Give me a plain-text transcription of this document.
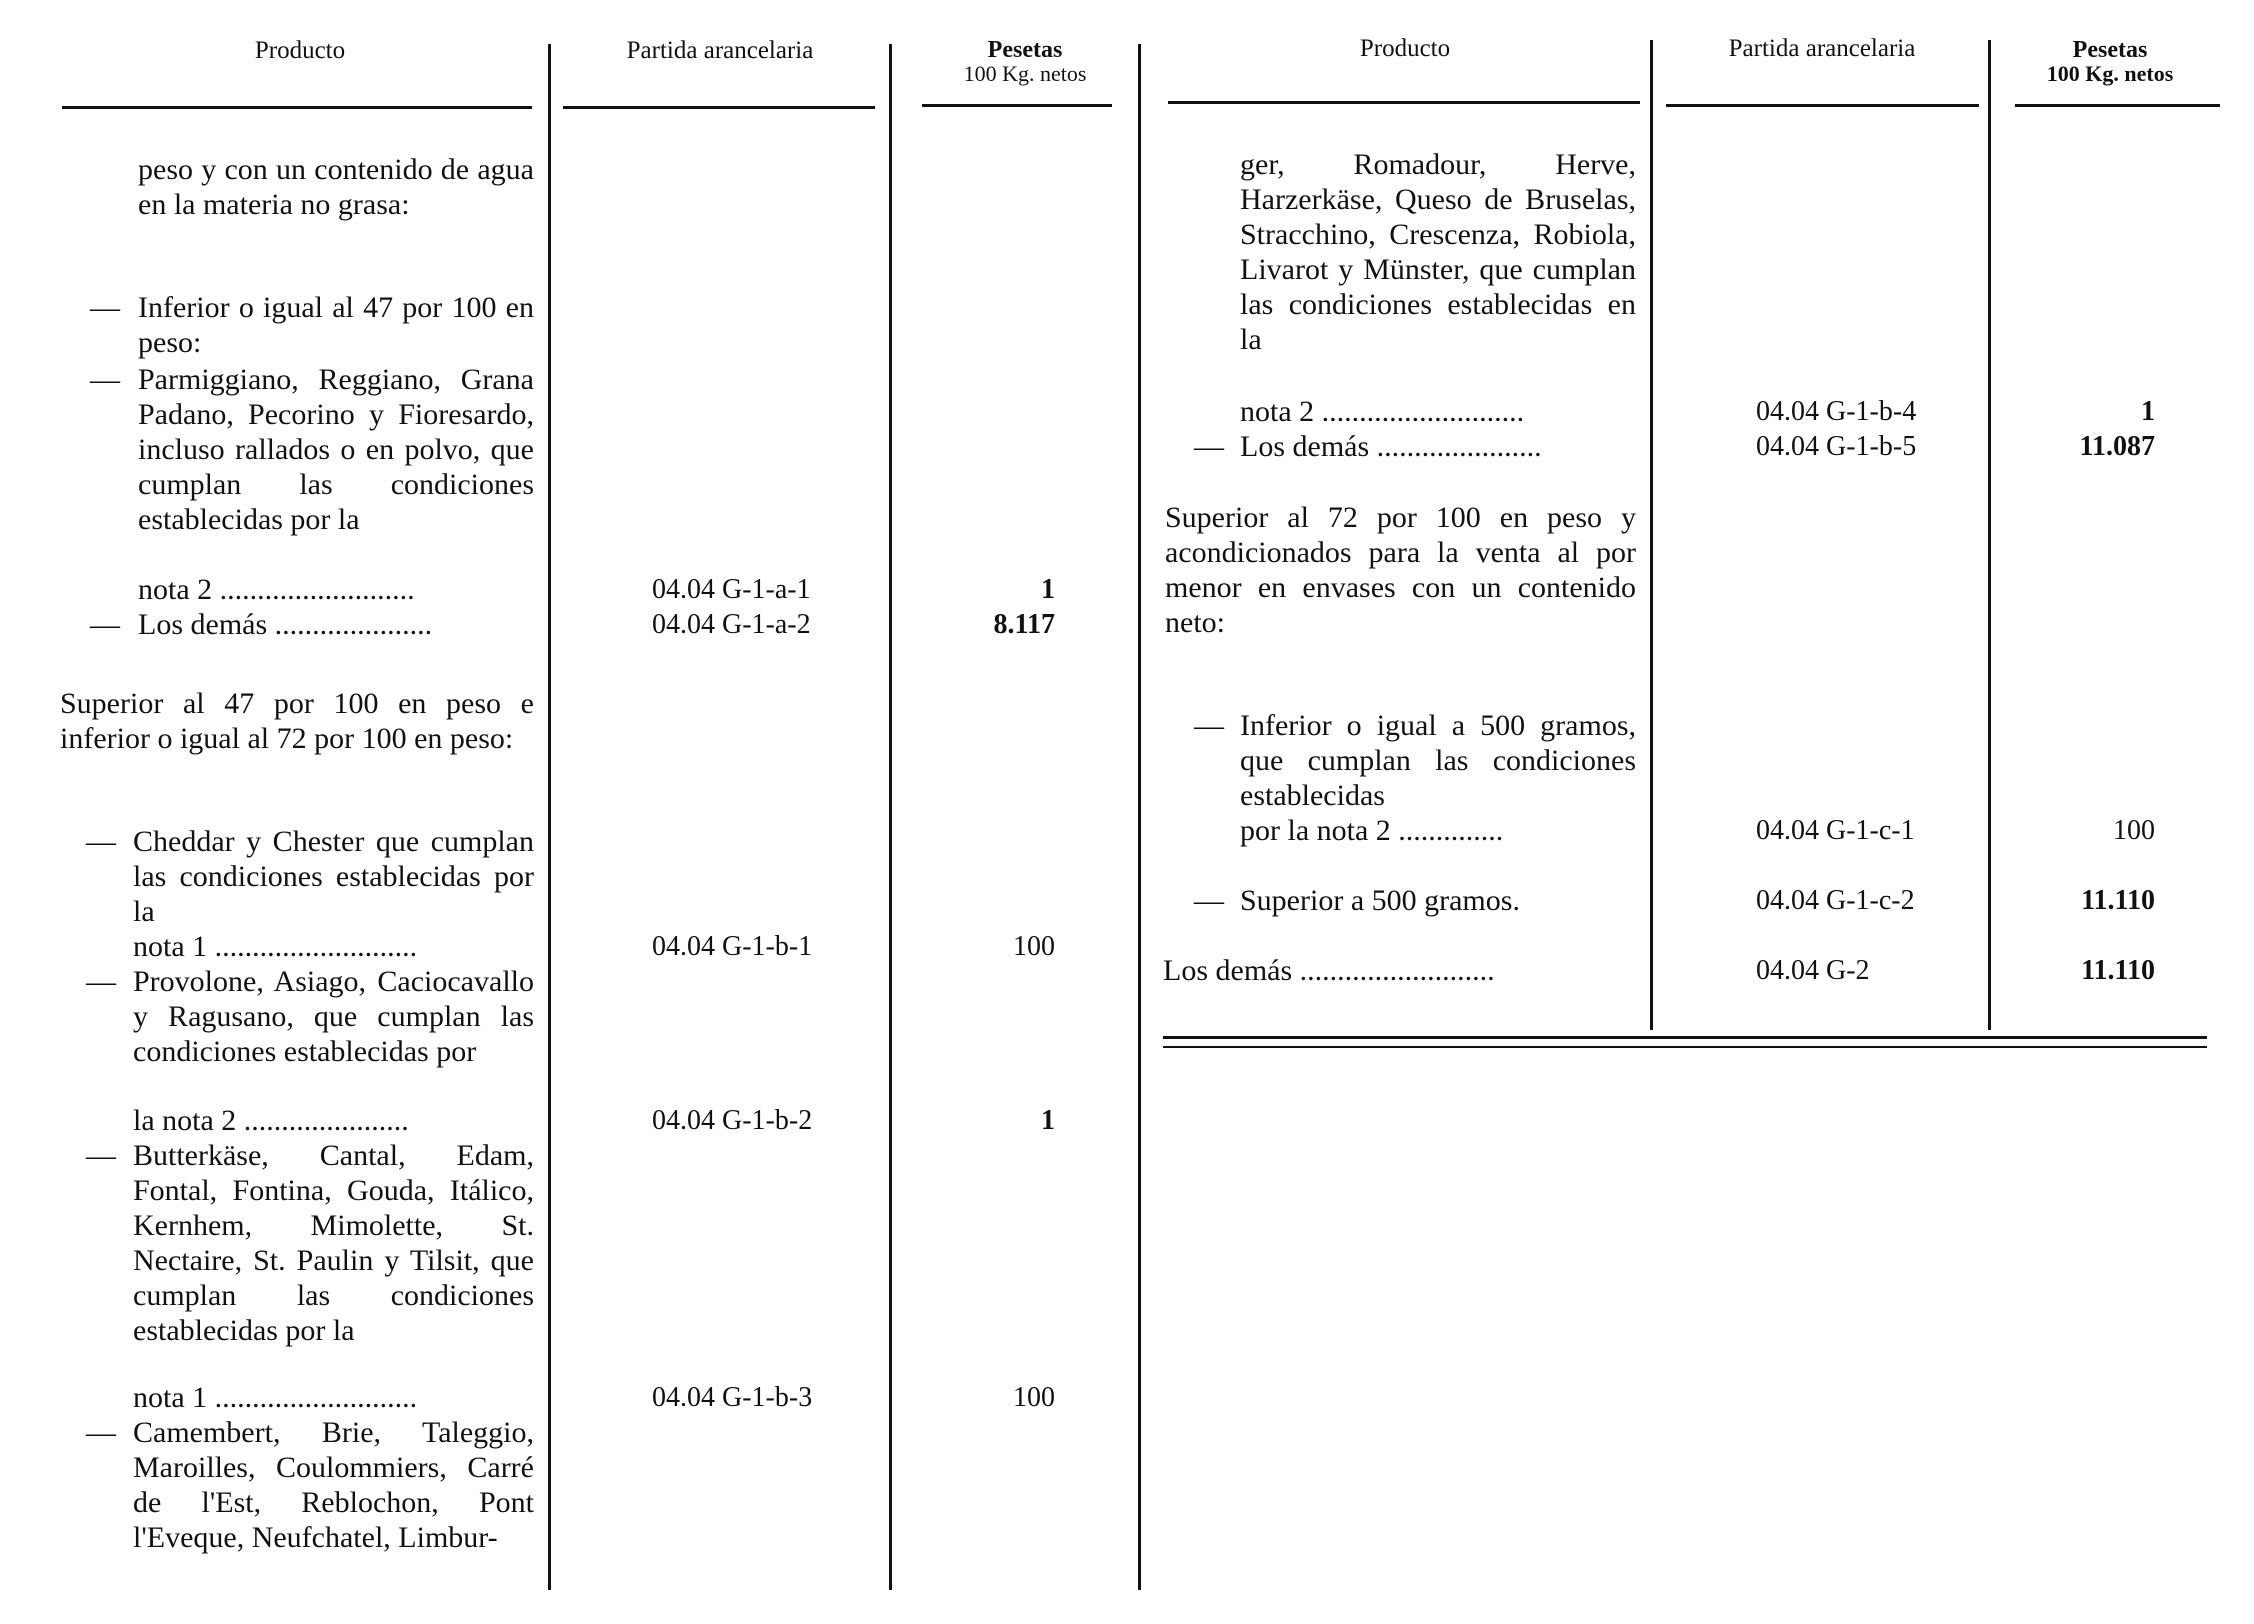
Producto	Partida arancelaria	Pesetas
100 Kg. netos
Producto	Partida arancelaria	Pesetas
100 Kg. netos
peso y con un contenido de agua en la materia no grasa:
— Inferior o igual al 47 por 100 en peso:
— Parmiggiano, Reggiano, Grana Padano, Pecorino y Fioresardo, incluso rallados o en polvo, que cumplan las condiciones establecidas por la
nota 2 ..........................	04.04 G-1-a-1	1
— Los demás .....................	04.04 G-1-a-2	8.117
Superior al 47 por 100 en peso e inferior o igual al 72 por 100 en peso:
— Cheddar y Chester que cumplan las condiciones establecidas por la
nota 1 ...........................	04.04 G-1-b-1	100
— Provolone, Asiago, Caciocavallo y Ragusano, que cumplan las condiciones establecidas por
la nota 2 ......................	04.04 G-1-b-2	1
— Butterkäse, Cantal, Edam, Fontal, Fontina, Gouda, Itálico, Kernhem, Mimolette, St. Nectaire, St. Paulin y Tilsit, que cumplan las condiciones establecidas por la
nota 1 ...........................	04.04 G-1-b-3	100
— Camembert, Brie, Taleggio, Maroilles, Coulommiers, Carré de l'Est, Reblochon, Pont l'Eveque, Neufchatel, Limbur-
ger, Romadour, Herve, Harzerkäse, Queso de Bruselas, Stracchino, Crescenza, Robiola, Livarot y Münster, que cumplan las condiciones establecidas en la
nota 2 ...........................	04.04 G-1-b-4	1
— Los demás ......................	04.04 G-1-b-5	11.087
Superior al 72 por 100 en peso y acondicionados para la venta al por menor en envases con un contenido neto:
— Inferior o igual a 500 gramos, que cumplan las condiciones establecidas
por la nota 2 ..............	04.04 G-1-c-1	100
— Superior a 500 gramos.	04.04 G-1-c-2	11.110
Los demás ..........................	04.04 G-2	11.110
